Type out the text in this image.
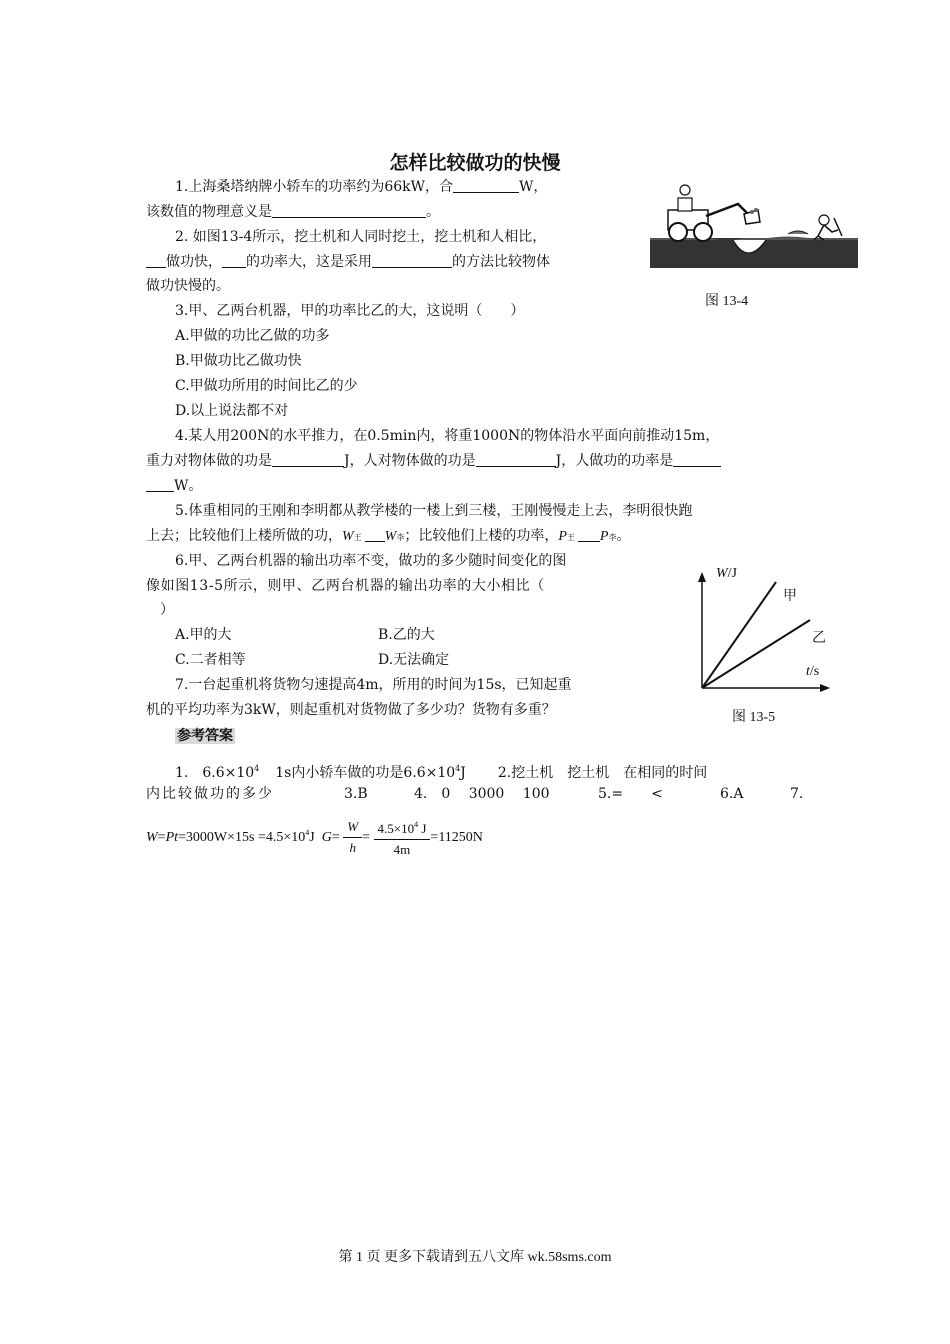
怎样比较做功的快慢
1.上海桑塔纳牌小轿车的功率约为66kW，合	W，
该数值的物理意义是	。
2. 如图13-4所示，挖土机和人同时挖土，挖土机和人相比，
做功快， 的功率大，这是采用	的方法比较物体
做功快慢的。
图 13-4
3.甲、乙两台机器，甲的功率比乙的大，这说明（　　）
A.甲做的功比乙做的功多
B.甲做功比乙做功快
C.甲做功所用的时间比乙的少
D.以上说法都不对
4.某人用200N的水平推力，在0.5min内，将重1000N的物体沿水平面向前推动15m，
重力对物体做的功是	J，人对物体做的功是	J，人做功的功率是
W。
5.体重相同的王刚和李明都从教学楼的一楼上到三楼，王刚慢慢走上去，李明很快跑
上去；比较他们上楼所做的功，W王 W李；比较他们上楼的功率，P王 P李。
6.甲、乙两台机器的输出功率不变，做功的多少随时间变化的图
像如图13-5所示，则甲、乙两台机器的输出功率的大小相比（
）
A.甲的大	B.乙的大
C.二者相等	D.无法确定
W/J
t/s
甲
乙
图 13-5
7.一台起重机将货物匀速提高4m，所用的时间为15s，已知起重
机的平均功率为3kW，则起重机对货物做了多少功？货物有多重？
参考答案
1.　$6.6\times 10^4$ 1s内小轿车做的功是$6.6\times 10^4J$ 2.挖土机　挖土机　在相同的时间
内比较做功的多少	3.B	4.　0　 3000　 100	5.=　　<	6.A	7.
$W=Pt=3000W\times 15s =4.5\times 10^4J$ $G= \frac{W}{h} = \frac{4.5\times 10^4 J}{4m} =11250N$
第 1 页 更多下载请到五八文库 wk.58sms.com
